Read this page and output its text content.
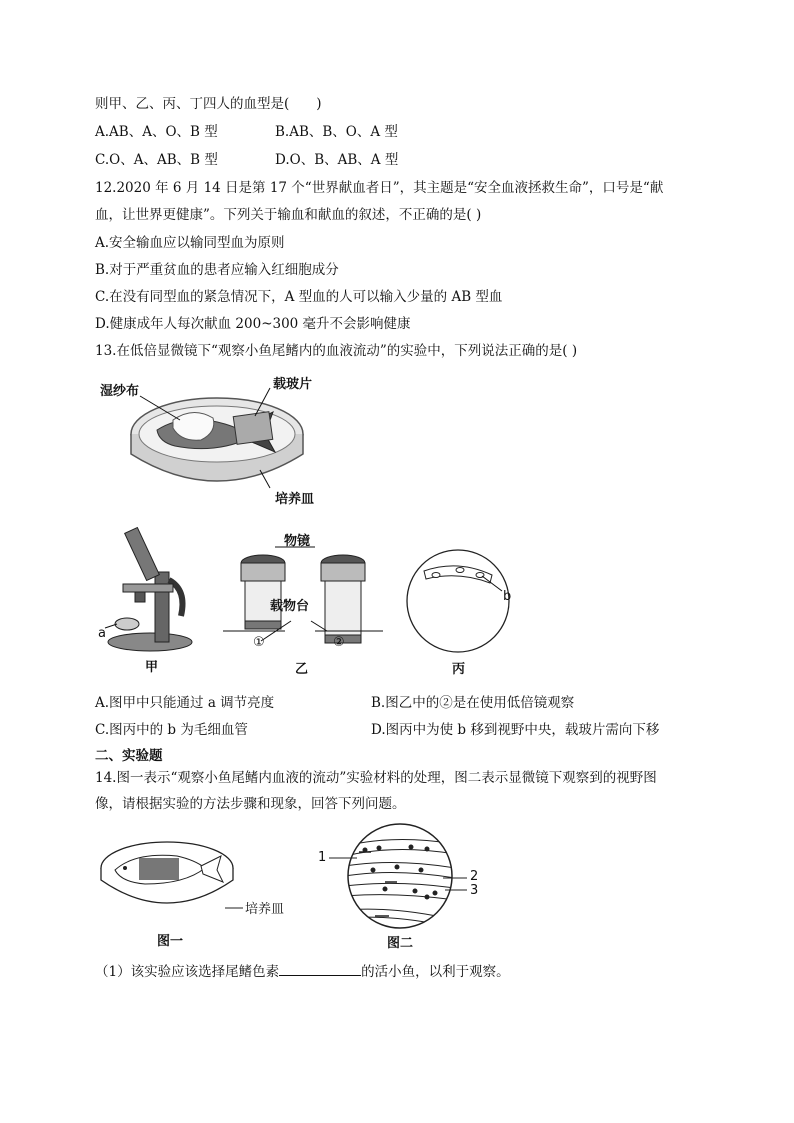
则甲、乙、丙、丁四人的血型是(　　)
A.AB、A、O、B 型	B.AB、B、O、A 型
C.O、A、AB、B 型	D.O、B、AB、A 型
12.2020 年 6 月 14 日是第 17 个“世界献血者日”，其主题是“安全血液拯救生命”，口号是“献
血，让世界更健康”。下列关于输血和献血的叙述，不正确的是( )
A.安全输血应以输同型血为原则
B.对于严重贫血的患者应输入红细胞成分
C.在没有同型血的紧急情况下，A 型血的人可以输入少量的 AB 型血
D.健康成年人每次献血 200~300 毫升不会影响健康
13.在低倍显微镜下“观察小鱼尾鳍内的血液流动”的实验中，下列说法正确的是( )
湿纱布	载玻片
培养皿
a
甲
物镜
载物台
①	②
乙
b
丙
A.图甲中只能通过 a 调节亮度	B.图乙中的②是在使用低倍镜观察
C.图丙中的 b 为毛细血管	D.图丙中为使 b 移到视野中央，载玻片需向下移
二、实验题
14.图一表示“观察小鱼尾鳍内血液的流动”实验材料的处理，图二表示显微镜下观察到的视野图
像，请根据实验的方法步骤和现象，回答下列问题。
培养皿
图一
1
2
3
图二
（1）该实验应该选择尾鳍色素	的活小鱼，以利于观察。
